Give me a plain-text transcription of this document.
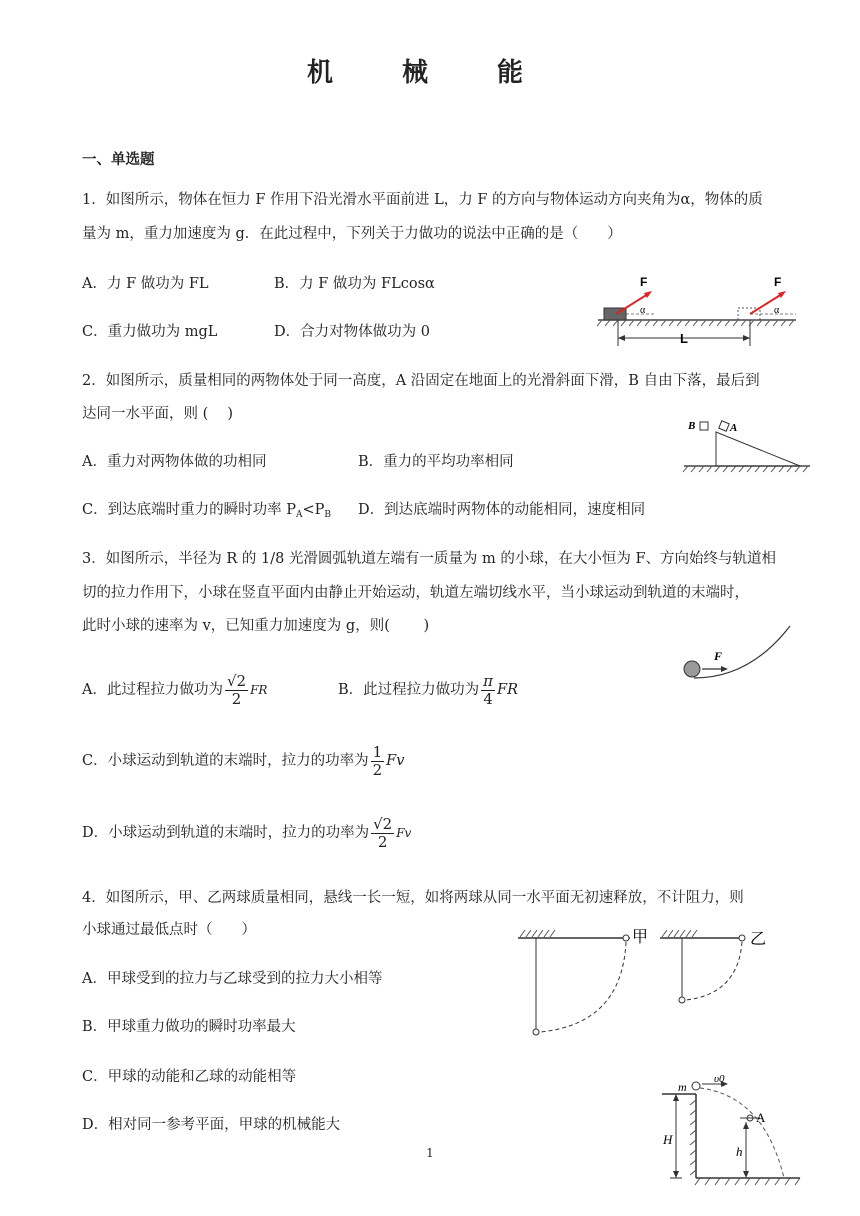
机 械 能
一、单选题
1．如图所示，物体在恒力 F 作用下沿光滑水平面前进 L，力 F 的方向与物体运动方向夹角为α，物体的质
量为 m，重力加速度为 g．在此过程中，下列关于力做功的说法中正确的是（　　）
A．力 F 做功为 FL	B．力 F 做功为 FLcosα
C．重力做功为 mgL	D．合力对物体做功为 0
F	F
α	α
L
2．如图所示，质量相同的两物体处于同一高度，A 沿固定在地面上的光滑斜面下滑，B 自由下落，最后到
达同一水平面，则 (　 )
A．重力对两物体做的功相同	B．重力的平均功率相同
C．到达底端时重力的瞬时功率 $P_A<P_B$ D．到达底端时两物体的动能相同，速度相同
B	A
3．如图所示，半径为 R 的 1/8 光滑圆弧轨道左端有一质量为 m 的小球，在大小恒为 F、方向始终与轨道相
切的拉力作用下，小球在竖直平面内由静止开始运动，轨道左端切线水平，当小球运动到轨道的末端时，
此时小球的速率为 v，已知重力加速度为 g，则(　　 )
A．此过程拉力做功为 $\frac{√2}{2}$ FR	B．此过程拉力做功为 $\frac{\pi}{4}$ FR
C．小球运动到轨道的末端时，拉力的功率为 $\frac{1}{2}$ Fv
D．小球运动到轨道的末端时，拉力的功率为 $\frac{√2}{2}$ Fv
F
4．如图所示，甲、乙两球质量相同，悬线一长一短，如将两球从同一水平面无初速释放，不计阻力，则
小球通过最低点时（　　）
A．甲球受到的拉力与乙球受到的拉力大小相等
B．甲球重力做功的瞬时功率最大
C．甲球的动能和乙球的动能相等
D．相对同一参考平面，甲球的机械能大
甲	乙
m
υ0
A
H
h
1
